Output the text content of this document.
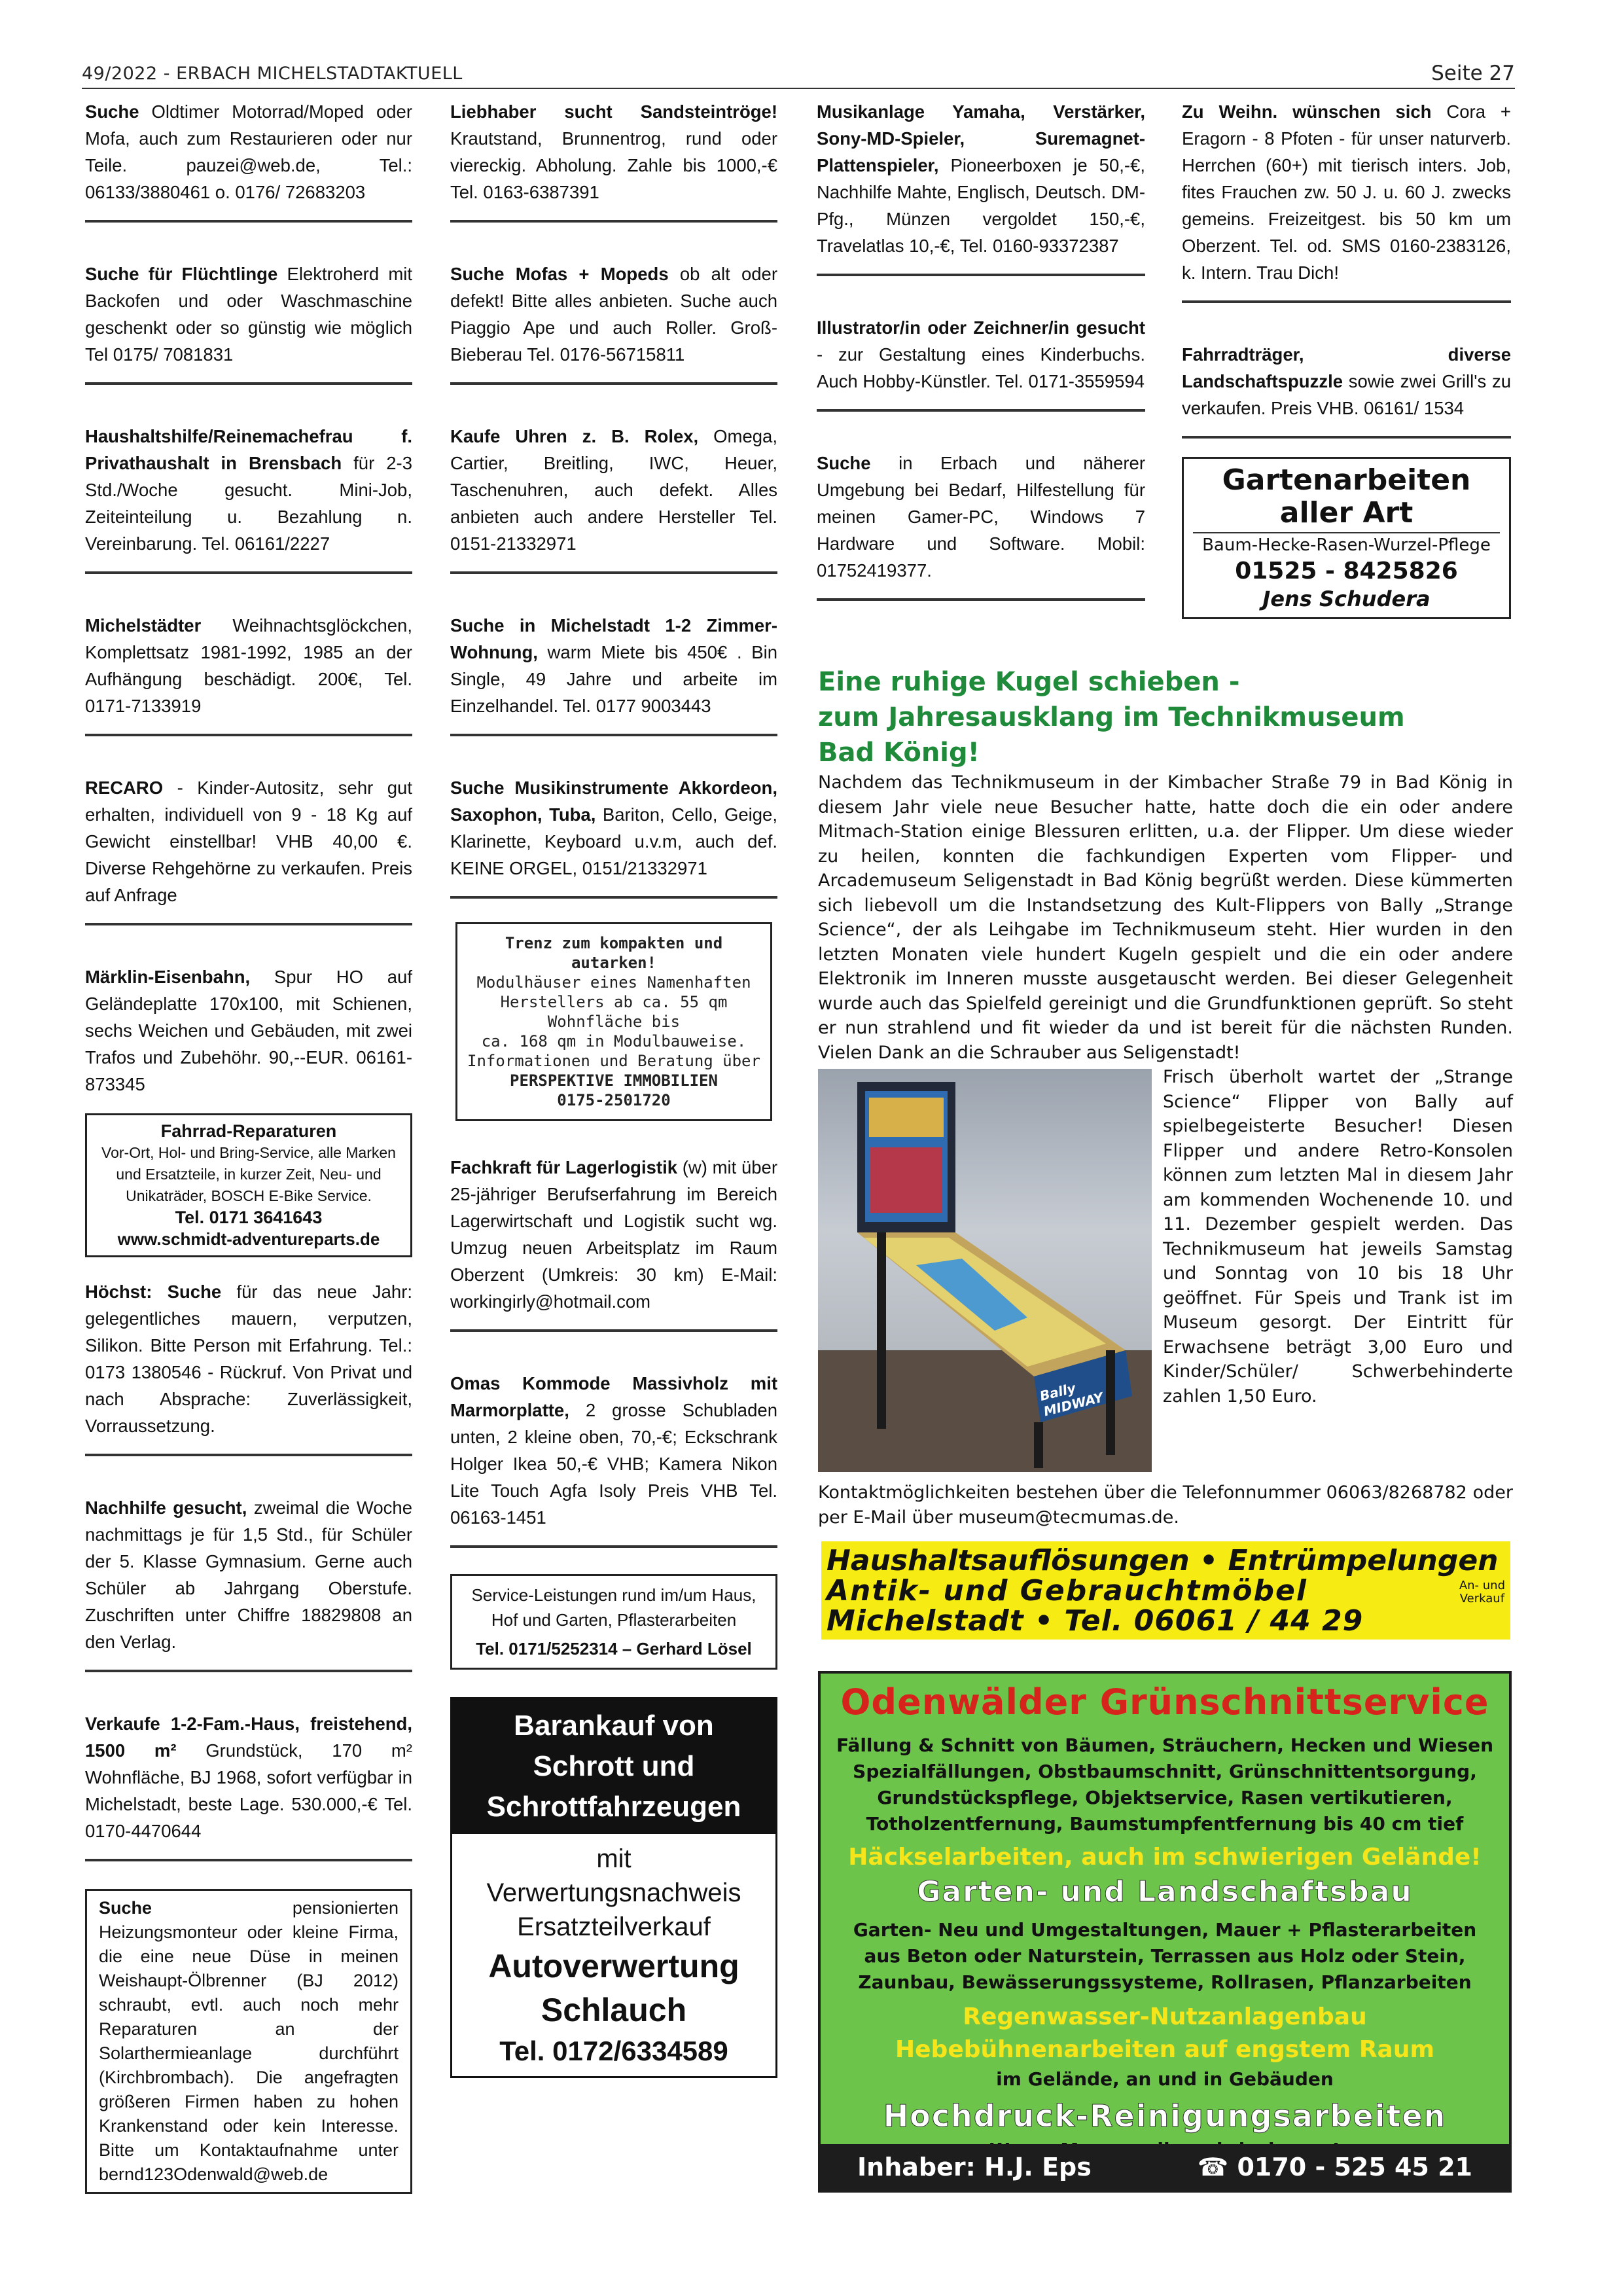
49/2022 - ERBACH MICHELSTADTAKTUELL	Seite 27
Suche Oldtimer Motorrad/Moped oder Mofa, auch zum Restaurieren oder nur Teile. pauzei@web.de, Tel.: 06133/3880461 o. 0176/ 72683203
Suche für Flüchtlinge Elektroherd mit Backofen und oder Waschmaschine geschenkt oder so günstig wie möglich Tel 0175/ 7081831
Haushaltshilfe/Reinemachefrau f. Privathaushalt in Brensbach für 2-3 Std./Woche gesucht. Mini-Job, Zeiteinteilung u. Bezahlung n. Vereinbarung. Tel. 06161/2227
Michelstädter Weihnachtsglöckchen, Komplettsatz 1981-1992, 1985 an der Aufhängung beschädigt. 200€, Tel. 0171-7133919
RECARO - Kinder-Autositz, sehr gut erhalten, individuell von 9 - 18 Kg auf Gewicht einstellbar! VHB 40,00 €. Diverse Rehgehörne zu verkaufen. Preis auf Anfrage
Märklin-Eisenbahn, Spur HO auf Geländeplatte 170x100, mit Schienen, sechs Weichen und Gebäuden, mit zwei Trafos und Zubehöhr. 90,--EUR. 06161-873345
Fahrrad-Reparaturen
Vor-Ort, Hol- und Bring-Service, alle Marken
und Ersatzteile, in kurzer Zeit, Neu- und
Unikaträder, BOSCH E-Bike Service.
Tel. 0171 3641643
www.schmidt-adventureparts.de
Höchst: Suche für das neue Jahr: gelegentliches mauern, verputzen, Silikon. Bitte Person mit Erfahrung. Tel.: 0173 1380546 - Rückruf. Von Privat und nach Absprache: Zuverlässigkeit, Vorraussetzung.
Nachhilfe gesucht, zweimal die Woche nachmittags je für 1,5 Std., für Schüler der 5. Klasse Gymnasium. Gerne auch Schüler ab Jahrgang Oberstufe. Zuschriften unter Chiffre 18829808 an den Verlag.
Verkaufe 1-2-Fam.-Haus, freistehend, 1500 m² Grundstück, 170 m² Wohnfläche, BJ 1968, sofort verfügbar in Michelstadt, beste Lage. 530.000,-€ Tel. 0170-4470644
Suche pensionierten Heizungsmonteur oder kleine Firma, die eine neue Düse in meinen Weishaupt-Ölbrenner (BJ 2012) schraubt, evtl. auch noch mehr Reparaturen an der Solarthermieanlage durchführt (Kirchbrombach). Die angefragten größeren Firmen haben zu hohen Krankenstand oder kein Interesse. Bitte um Kontaktaufnahme unter bernd123Odenwald@web.de
Liebhaber sucht Sandsteintröge! Krautstand, Brunnentrog, rund oder viereckig. Abholung. Zahle bis 1000,-€ Tel. 0163-6387391
Suche Mofas + Mopeds ob alt oder defekt! Bitte alles anbieten. Suche auch Piaggio Ape und auch Roller. Groß-Bieberau Tel. 0176-56715811
Kaufe Uhren z. B. Rolex, Omega, Cartier, Breitling, IWC, Heuer, Taschenuhren, auch defekt. Alles anbieten auch andere Hersteller Tel. 0151-21332971
Suche in Michelstadt 1-2 Zimmer-Wohnung, warm Miete bis 450€ . Bin Single, 49 Jahre und arbeite im Einzelhandel. Tel. 0177 9003443
Suche Musikinstrumente Akkordeon, Saxophon, Tuba, Bariton, Cello, Geige, Klarinette, Keyboard u.v.m, auch def. KEINE ORGEL, 0151/21332971
Trenz zum kompakten und autarken!
Modulhäuser eines Namenhaften
Herstellers ab ca. 55 qm Wohnfläche bis
ca. 168 qm in Modulbauweise.
Informationen und Beratung über
PERSPEKTIVE IMMOBILIEN
0175-2501720
Fachkraft für Lagerlogistik (w) mit über 25-jähriger Berufserfahrung im Bereich Lagerwirtschaft und Logistik sucht wg. Umzug neuen Arbeitsplatz im Raum Oberzent (Umkreis: 30 km) E-Mail: workingirly@hotmail.com
Omas Kommode Massivholz mit Marmorplatte, 2 grosse Schubladen unten, 2 kleine oben, 70,-€; Eckschrank Holger Ikea 50,-€ VHB; Kamera Nikon Lite Touch Agfa Isoly Preis VHB Tel. 06163-1451
Service-Leistungen rund im/um Haus,
Hof und Garten, Pflasterarbeiten
Tel. 0171/5252314 – Gerhard Lösel
Barankauf von
Schrott und
Schrottfahrzeugen
mit
Verwertungsnachweis
Ersatzteilverkauf
Autoverwertung
Schlauch
Tel. 0172/6334589
Musikanlage Yamaha, Verstärker, Sony-MD-Spieler, Suremagnet-Plattenspieler, Pioneerboxen je 50,-€, Nachhilfe Mahte, Englisch, Deutsch. DM-Pfg., Münzen vergoldet 150,-€, Travelatlas 10,-€, Tel. 0160-93372387
Illustrator/in oder Zeichner/in gesucht - zur Gestaltung eines Kinderbuchs. Auch Hobby-Künstler. Tel. 0171-3559594
Suche in Erbach und näherer Umgebung bei Bedarf, Hilfestellung für meinen Gamer-PC, Windows 7 Hardware und Software. Mobil: 01752419377.
Zu Weihn. wünschen sich Cora + Eragorn - 8 Pfoten - für unser naturverb. Herrchen (60+) mit tierisch inters. Job, fites Frauchen zw. 50 J. u. 60 J. zwecks gemeins. Freizeitgest. bis 50 km um Oberzent. Tel. od. SMS 0160-2383126, k. Intern. Trau Dich!
Fahrradträger, diverse Landschaftspuzzle sowie zwei Grill's zu verkaufen. Preis VHB. 06161/ 1534
Gartenarbeiten
aller Art
Baum-Hecke-Rasen-Wurzel-Pflege
01525 - 8425826
Jens Schudera
Eine ruhige Kugel schieben -
zum Jahresausklang im Technikmuseum
Bad König!
Nachdem das Technikmuseum in der Kimbacher Straße 79 in Bad König in diesem Jahr viele neue Besucher hatte, hatte doch die ein oder andere Mitmach-Station einige Blessuren erlitten, u.a. der Flipper. Um diese wieder zu heilen, konnten die fachkundigen Experten vom Flipper- und Arcademuseum Seligenstadt in Bad König begrüßt werden. Diese kümmerten sich liebevoll um die Instandsetzung des Kult-Flippers von Bally „Strange Science“, der als Leihgabe im Technikmuseum steht. Hier wurden in den letzten Monaten viele hundert Kugeln gespielt und die ein oder andere Elektronik im Inneren musste ausgetauscht werden. Bei dieser Gelegenheit wurde auch das Spielfeld gereinigt und die Grundfunktionen geprüft. So steht er nun strahlend und fit wieder da und ist bereit für die nächsten Runden. Vielen Dank an die Schrauber aus Seligenstadt!
Bally MIDWAY
Frisch überholt wartet der „Strange Science“ Flipper von Bally auf spielbegeisterte Besucher! Diesen Flipper und andere Retro-Konsolen können zum letzten Mal in diesem Jahr am kommenden Wochenende 10. und 11. Dezember gespielt werden. Das Technikmuseum hat jeweils Samstag und Sonntag von 10 bis 18 Uhr geöffnet. Für Speis und Trank ist im Museum gesorgt. Der Eintritt für Erwachsene beträgt 3,00 Euro und Kinder/Schüler/ Schwerbehinderte zahlen 1,50 Euro.
Kontaktmöglichkeiten bestehen über die Telefonnummer 06063/8268782 oder per E-Mail über museum@tecmumas.de.
Haushaltsauflösungen • Entrümpelungen
Antik- und Gebrauchtmöbel	An- und
Verkauf
Michelstadt • Tel. 06061 / 44 29
Odenwälder Grünschnittservice
Fällung & Schnitt von Bäumen, Sträuchern, Hecken und Wiesen
Spezialfällungen, Obstbaumschnitt, Grünschnittentsorgung,
Grundstückspflege, Objektservice, Rasen vertikutieren,
Totholzentfernung, Baumstumpfentfernung bis 40 cm tief
Häckselarbeiten, auch im schwierigen Gelände!
Garten- und Landschaftsbau
Garten- Neu und Umgestaltungen, Mauer + Pflasterarbeiten
aus Beton oder Naturstein, Terrassen aus Holz oder Stein,
Zaunbau, Bewässerungssysteme, Rollrasen, Pflanzarbeiten
Regenwasser-Nutzanlagenbau
Hebebühnenarbeiten auf engstem Raum
im Gelände, an und in Gebäuden
Hochdruck-Reinigungsarbeiten
Inhaber: H.J. Eps	☎ 0170 - 525 45 21
